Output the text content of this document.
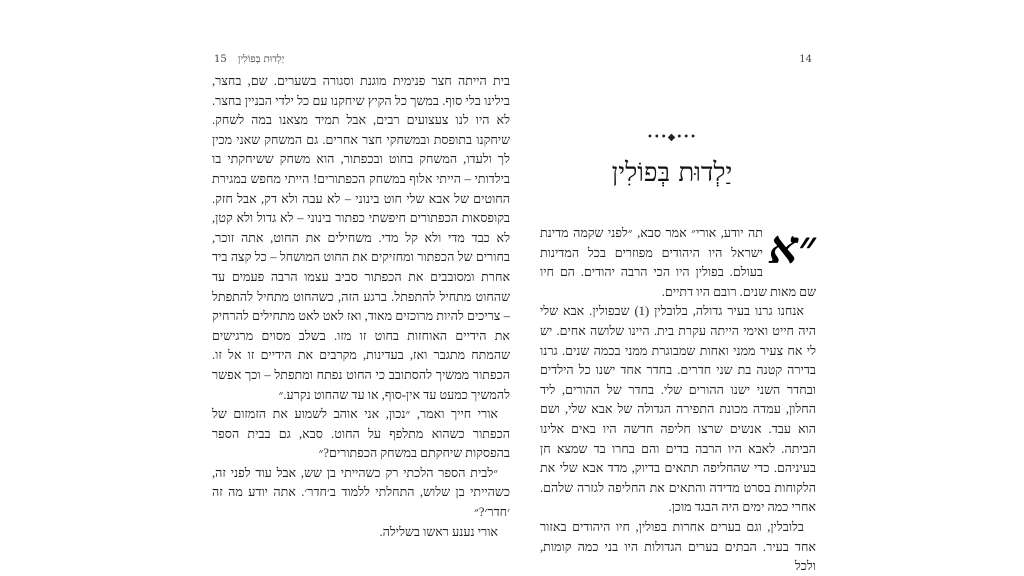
יַלְדוּת בְּפוֹלִין 15

בית הייתה חצר פנימית מוגנת וסגורה בשערים. שם, בחצר, בילינו בלי סוף. במשך כל הקיץ שיחקנו עם כל ילדי הבניין בחצר. לא היו לנו צעצועים רבים, אבל תמיד מצאנו במה לשחק. שיחקנו בתופסת ובמשחקי חצר אחרים. גם המשחק שאני מכין לך ולעדו, המשחק בחוט ובכפתור, הוא משחק ששיחקתי בו בילדותי – הייתי אלוף במשחק הכפתורים! הייתי מחפש במגירת החוטים של אבא שלי חוט בינוני – לא עבה ולא דק, אבל חזק. בקופסאות הכפתורים חיפשתי כפתור בינוני – לא גדול ולא קטן, לא כבד מדי ולא קל מדי. משחילים את החוט, אתה זוכר, בחורים של הכפתור ומחזיקים את החוט המושחל – כל קצה ביד אחרת ומסובבים את הכפתור סביב עצמו הרבה פעמים עד שהחוט מתחיל להתפתל. ברגע הזה, כשהחוט מתחיל להתפתל – צריכים להיות מרוכזים מאוד, ואז לאט לאט מתחילים להרחיק את הידיים האוחזות בחוט זו מזו. בשלב מסוים מרגישים שהמתח מתגבר ואז, בעדינות, מקרבים את הידיים זו אל זו. הכפתור ממשיך להסתובב כי החוט נפתח ומתפתל – וכך אפשר להמשיך כמעט עד אין-סוף, או עד שהחוט נקרע.״

אורי חייך ואמר, ״נכון, אני אוהב לשמוע את הזמזום של הכפתור כשהוא מתלפף על החוט. סבא, גם בבית הספר בהפסקות שיחקתם במשחק הכפתורים?״

״לבית הספר הלכתי רק כשהייתי בן שש, אבל עוד לפני זה, כשהייתי בן שלוש, התחלתי ללמוד ב׳חדר׳. אתה יודע מה זה ׳חדר׳?״

אורי נענע ראשו בשלילה.

14
•••◆•••
יַלְדוּת בְּפוֹלִין

״א
תה יודע, אורי״ אמר סבא, ״לפני שקמה מדינת ישראל היו היהודים מפוזרים בכל המדינות בעולם. בפולין היו הכי הרבה יהודים. הם חיו שם מאות שנים. רובם היו דתיים.

אנחנו גרנו בעיר גדולה, בלובלין (1) שבפולין. אבא שלי היה חייט ואימי הייתה עקרת בית. היינו שלושה אחים. יש לי אח צעיר ממני ואחות שמבוגרת ממני בכמה שנים. גרנו בדירה קטנה בת שני חדרים. בחדר אחד ישנו כל הילדים ובחדר השני ישנו ההורים שלי. בחדר של ההורים, ליד החלון, עמדה מכונת התפירה הגדולה של אבא שלי, ושם הוא עבד. אנשים שרצו חליפה חדשה היו באים אלינו הביתה. לאבא היו הרבה בדים והם בחרו בד שמצא חן בעיניהם. כדי שהחליפה תתאים בדיוק, מדד אבא שלי את הלקוחות בסרט מדידה והתאים את החליפה לגזרה שלהם. אחרי כמה ימים היה הבגד מוכן.

בלובלין, וגם בערים אחרות בפולין, חיו היהודים באזור אחד בעיר. הבתים בערים הגדולות היו בני כמה קומות, ולכל
